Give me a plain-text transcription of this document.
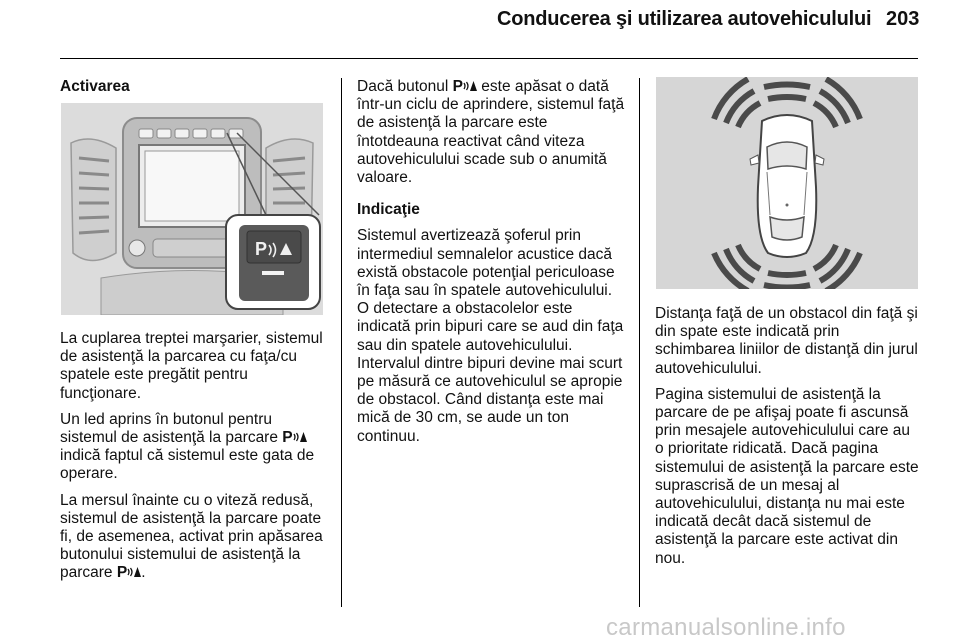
Conducerea şi utilizarea autovehiculului 203

Activarea

P

La cuplarea treptei marşarier, sistemul de asistenţă la parcarea cu faţa/cu spatele este pregătit pentru funcţionare.

Un led aprins în butonul pentru sistemul de asistenţă la parcare P indică faptul că sistemul este gata de operare.

La mersul înainte cu o viteză redusă, sistemul de asistenţă la parcare poate fi, de asemenea, activat prin apăsarea butonului sistemului de asistenţă la parcare P .

Dacă butonul P este apăsat o dată într-un ciclu de aprindere, sistemul faţă de asistenţă la parcare este întotdeauna reactivat când viteza autovehiculului scade sub o anumită valoare.

Indicaţie

Sistemul avertizează şoferul prin intermediul semnalelor acustice dacă există obstacole potenţial periculoase în faţa sau în spatele autovehiculului. O detectare a obstacolelor este indicată prin bipuri care se aud din faţa sau din spatele autovehiculului. Intervalul dintre bipuri devine mai scurt pe măsură ce autovehiculul se apropie de obstacol. Când distanţa este mai mică de 30 cm, se aude un ton continuu.

Distanţa faţă de un obstacol din faţă şi din spate este indicată prin schimbarea liniilor de distanţă din jurul autovehiculului.

Pagina sistemului de asistenţă la parcare de pe afişaj poate fi ascunsă prin mesajele autovehiculului care au o prioritate ridicată. Dacă pagina sistemului de asistenţă la parcare este suprascrisă de un mesaj al autovehiculului, distanţa nu mai este indicată decât dacă sistemul de asistenţă la parcare este activat din nou.

carmanualsonline.info
